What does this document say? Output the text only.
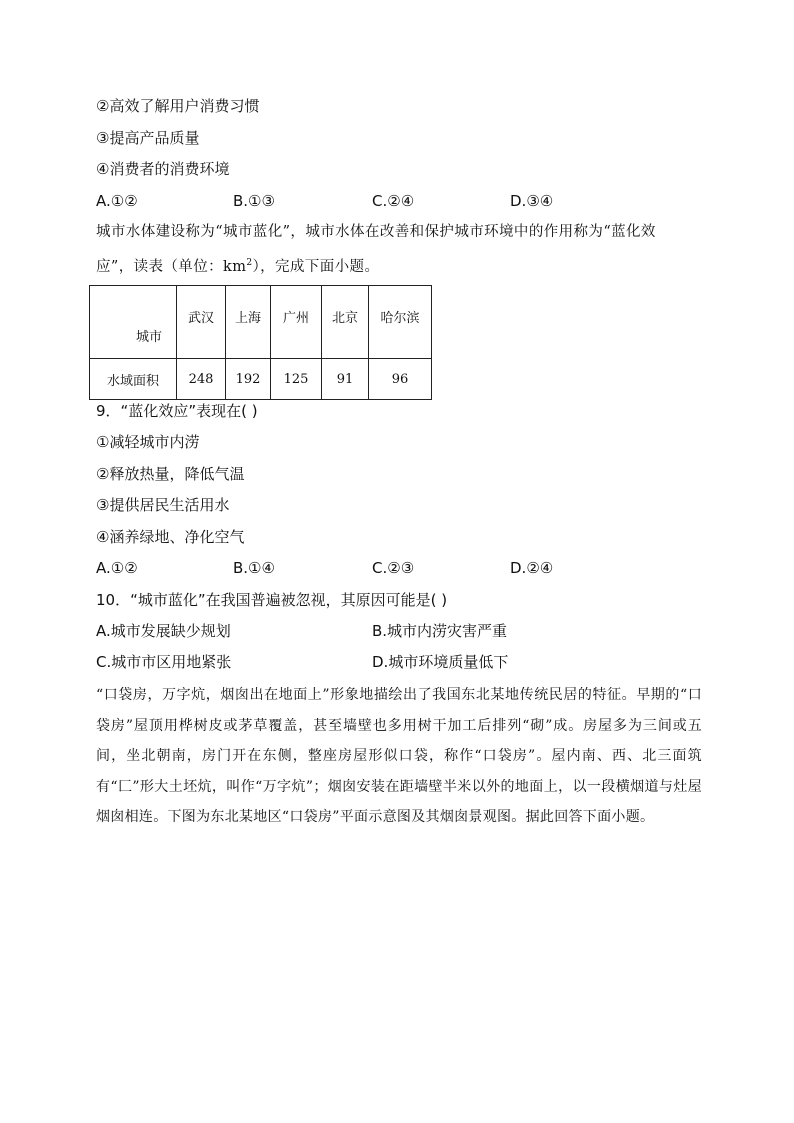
②高效了解用户消费习惯
③提高产品质量
④消费者的消费环境
A.①②	B.①③	C.②④	D.③④
城市水体建设称为“城市蓝化”，城市水体在改善和保护城市环境中的作用称为“蓝化效
应”，读表（单位：$km^2$），完成下面小题。
城市	武汉	上海	广州	北京	哈尔滨
水域面积	248	192	125	91	96
9．“蓝化效应”表现在( )
①减轻城市内涝
②释放热量，降低气温
③提供居民生活用水
④涵养绿地、净化空气
A.①②	B.①④	C.②③	D.②④
10．“城市蓝化”在我国普遍被忽视，其原因可能是( )
A.城市发展缺少规划	B.城市内涝灾害严重
C.城市市区用地紧张	D.城市环境质量低下
“口袋房，万字炕，烟囱出在地面上”形象地描绘出了我国东北某地传统民居的特征。早期的“口袋房”屋顶用桦树皮或茅草覆盖，甚至墙壁也多用树干加工后排列“砌”成。房屋多为三间或五间，坐北朝南，房门开在东侧，整座房屋形似口袋，称作“口袋房”。屋内南、西、北三面筑有“匚”形大土坯炕，叫作“万字炕”；烟囱安装在距墙壁半米以外的地面上，以一段横烟道与灶屋烟囱相连。下图为东北某地区“口袋房”平面示意图及其烟囱景观图。据此回答下面小题。
